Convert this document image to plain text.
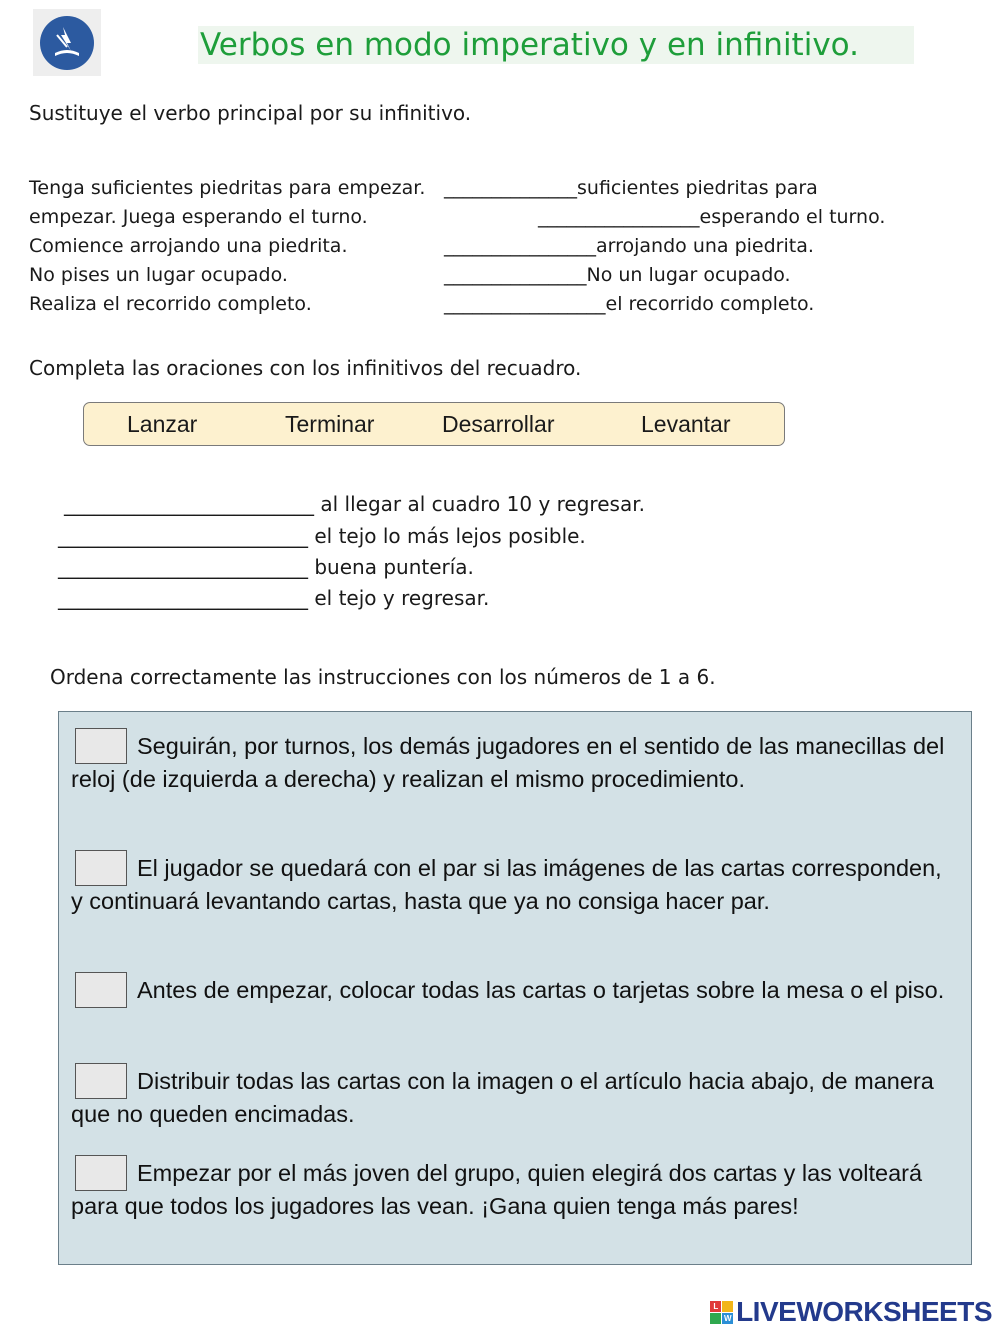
Verbos en modo imperativo y en infinitivo.
Sustituye el verbo principal por su infinitivo.
Tenga suficientes piedritas para empezar. ______________suficientes piedritas para
empezar. Juega esperando el turno.	_________________esperando el turno.
Comience arrojando una piedrita.	________________arrojando una piedrita.
No pises un lugar ocupado.	_______________No un lugar ocupado.
Realiza el recorrido completo.	_________________el recorrido completo.
Completa las oraciones con los infinitivos del recuadro.
Lanzar	Terminar	Desarrollar	Levantar
_________________________ al llegar al cuadro 10 y regresar.
_________________________ el tejo lo más lejos posible.
_________________________ buena puntería.
_________________________ el tejo y regresar.
Ordena correctamente las instrucciones con los números de 1 a 6.
Seguirán, por turnos, los demás jugadores en el sentido de las manecillas del reloj (de izquierda a derecha) y realizan el mismo procedimiento.
El jugador se quedará con el par si las imágenes de las cartas corresponden, y continuará levantando cartas, hasta que ya no consiga hacer par.
Antes de empezar, colocar todas las cartas o tarjetas sobre la mesa o el piso.
Distribuir todas las cartas con la imagen o el artículo hacia abajo, de manera que no queden encimadas.
Empezar por el más joven del grupo, quien elegirá dos cartas y las volteará para que todos los jugadores las vean. ¡Gana quien tenga más pares!
L
W LIVEWORKSHEETS
